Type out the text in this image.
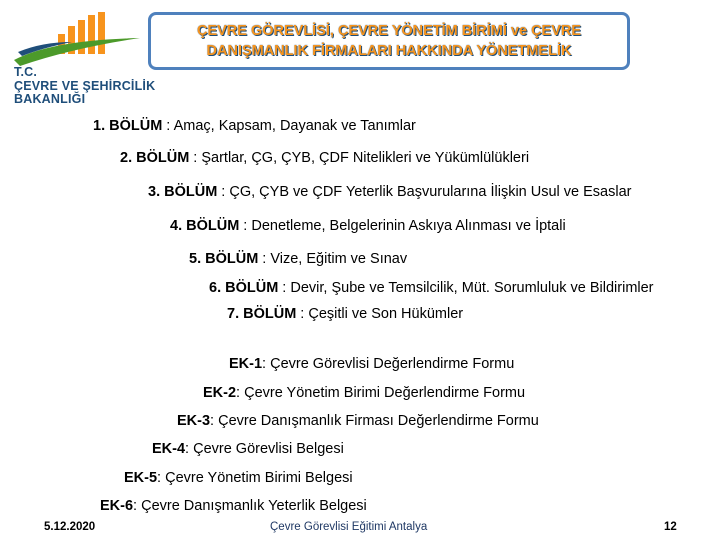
T.C.
ÇEVRE VE ŞEHİRCİLİK
BAKANLIĞI
ÇEVRE GÖREVLİSİ, ÇEVRE YÖNETİM BİRİMİ ve ÇEVRE
DANIŞMANLIK FİRMALARI HAKKINDA YÖNETMELİK
1. BÖLÜM : Amaç, Kapsam, Dayanak ve Tanımlar
2. BÖLÜM : Şartlar, ÇG, ÇYB, ÇDF Nitelikleri ve Yükümlülükleri
3. BÖLÜM : ÇG, ÇYB ve ÇDF Yeterlik Başvurularına İlişkin Usul ve Esaslar
4. BÖLÜM : Denetleme, Belgelerinin Askıya Alınması ve İptali
5. BÖLÜM : Vize, Eğitim ve Sınav
6. BÖLÜM : Devir, Şube ve Temsilcilik, Müt. Sorumluluk ve Bildirimler
7. BÖLÜM : Çeşitli ve Son Hükümler
EK-1: Çevre Görevlisi Değerlendirme Formu
EK-2: Çevre Yönetim Birimi Değerlendirme Formu
EK-3: Çevre Danışmanlık Firması Değerlendirme Formu
EK-4: Çevre Görevlisi Belgesi
EK-5: Çevre Yönetim Birimi Belgesi
EK-6: Çevre Danışmanlık Yeterlik Belgesi
5.12.2020	Çevre Görevlisi Eğitimi Antalya	12
